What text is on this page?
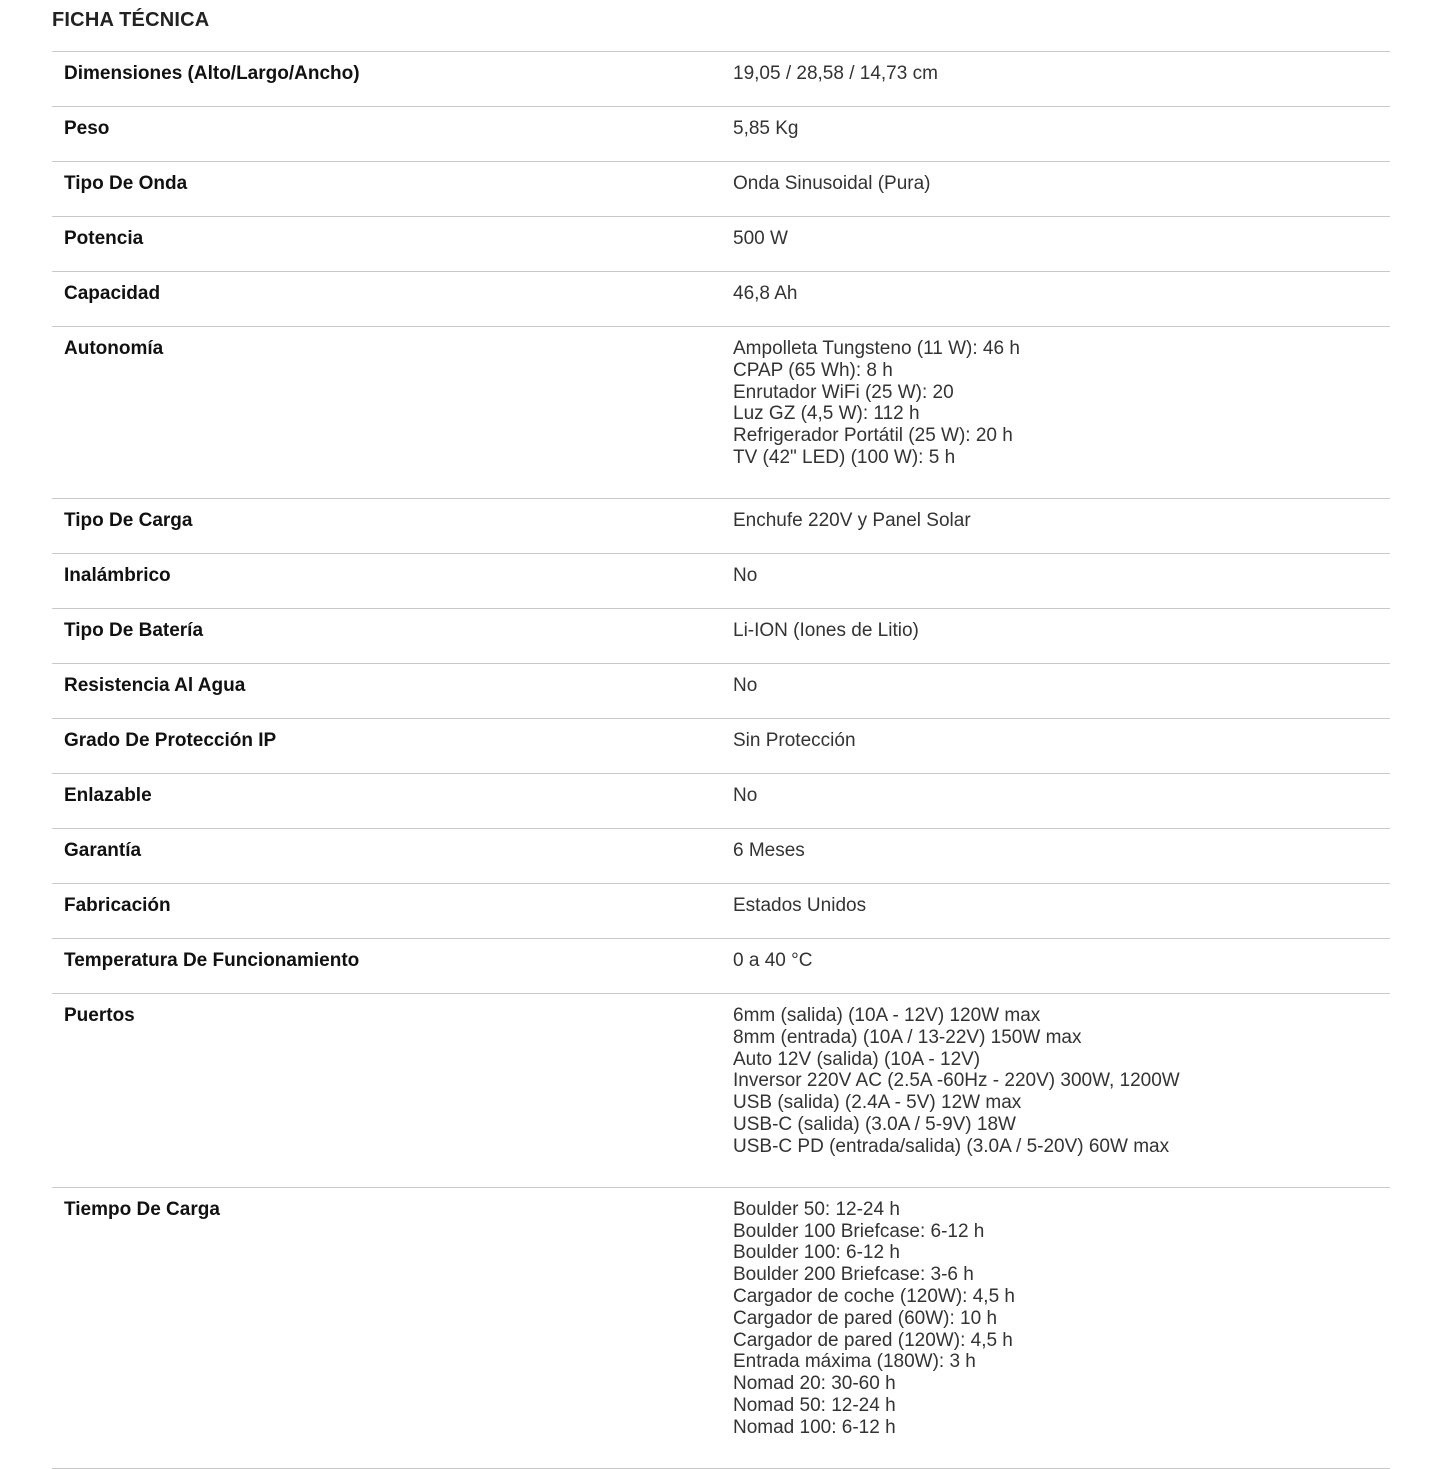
FICHA TÉCNICA
Dimensiones (Alto/Largo/Ancho)	19,05 / 28,58 / 14,73 cm
Peso	5,85 Kg
Tipo De Onda	Onda Sinusoidal (Pura)
Potencia	500 W
Capacidad	46,8 Ah
Autonomía	Ampolleta Tungsteno (11 W): 46 h
CPAP (65 Wh): 8 h
Enrutador WiFi (25 W): 20
Luz GZ (4,5 W): 112 h
Refrigerador Portátil (25 W): 20 h
TV (42" LED) (100 W): 5 h
Tipo De Carga	Enchufe 220V y Panel Solar
Inalámbrico	No
Tipo De Batería	Li-ION (Iones de Litio)
Resistencia Al Agua	No
Grado De Protección IP	Sin Protección
Enlazable	No
Garantía	6 Meses
Fabricación	Estados Unidos
Temperatura De Funcionamiento	0 a 40 °C
Puertos	6mm (salida) (10A - 12V) 120W max
8mm (entrada) (10A / 13-22V) 150W max
Auto 12V (salida) (10A - 12V)
Inversor 220V AC (2.5A -60Hz - 220V) 300W, 1200W
USB (salida) (2.4A - 5V) 12W max
USB-C (salida) (3.0A / 5-9V) 18W
USB-C PD (entrada/salida) (3.0A / 5-20V) 60W max
Tiempo De Carga	Boulder 50: 12-24 h
Boulder 100 Briefcase: 6-12 h
Boulder 100: 6-12 h
Boulder 200 Briefcase: 3-6 h
Cargador de coche (120W): 4,5 h
Cargador de pared (60W): 10 h
Cargador de pared (120W): 4,5 h
Entrada máxima (180W): 3 h
Nomad 20: 30-60 h
Nomad 50: 12-24 h
Nomad 100: 6-12 h
